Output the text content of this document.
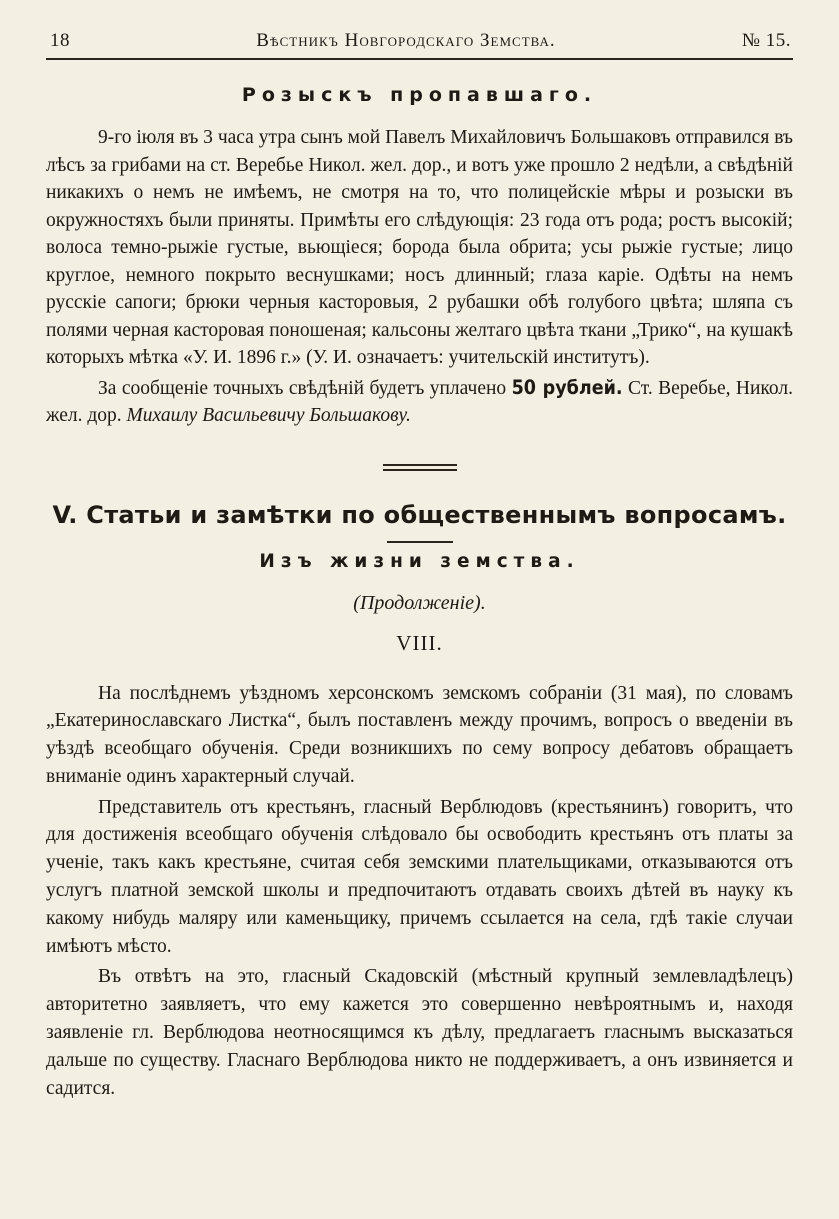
18	Вѣстникъ Новгородскаго Земства.	№ 15.
Розыскъ пропавшаго.

9-го іюля въ 3 часа утра сынъ мой Павелъ Михайловичъ Большаковъ отправился въ лѣсъ за грибами на ст. Веребье Никол. жел. дор., и вотъ уже прошло 2 недѣли, а свѣдѣній никакихъ о немъ не имѣемъ, не смотря на то, что полицейскіе мѣры и розыски въ окружностяхъ были приняты. Примѣты его слѣдующія: 23 года отъ рода; ростъ высокій; волоса темно-рыжіе густые, вьющіеся; борода была обрита; усы рыжіе густые; лицо круглое, немного покрыто веснушками; носъ длинный; глаза каріе. Одѣты на немъ русскіе сапоги; брюки черныя касторовыя, 2 рубашки обѣ голубого цвѣта; шляпа съ полями черная касторовая поношеная; кальсоны желтаго цвѣта ткани „Трико“, на кушакѣ которыхъ мѣтка «У. И. 1896 г.» (У. И. означаетъ: учительскій институтъ).

За сообщеніе точныхъ свѣдѣній будетъ уплачено 50 рублей. Ст. Веребье, Никол. жел. дор. Михаилу Васильевичу Большакову.

V. Статьи и замѣтки по общественнымъ вопросамъ.
Изъ жизни земства.
(Продолженіе).
VIII.

На послѣднемъ уѣздномъ херсонскомъ земскомъ собраніи (31 мая), по словамъ „Екатеринославскаго Листка“, былъ поставленъ между прочимъ, вопросъ о введеніи въ уѣздѣ всеобщаго обученія. Среди возникшихъ по сему вопросу дебатовъ обращаетъ вниманіе одинъ характерный случай.

Представитель отъ крестьянъ, гласный Верблюдовъ (крестьянинъ) говоритъ, что для достиженія всеобщаго обученія слѣдовало бы освободить крестьянъ отъ платы за ученіе, такъ какъ крестьяне, считая себя земскими плательщиками, отказываются отъ услугъ платной земской школы и предпочитаютъ отдавать своихъ дѣтей въ науку къ какому нибудь маляру или каменьщику, причемъ ссылается на села, гдѣ такіе случаи имѣютъ мѣсто.

Въ отвѣтъ на это, гласный Скадовскій (мѣстный крупный землевладѣлецъ) авторитетно заявляетъ, что ему кажется это совершенно невѣроятнымъ и, находя заявленіе гл. Верблюдова неотносящимся къ дѣлу, предлагаетъ гласнымъ высказаться дальше по существу. Гласнаго Верблюдова никто не поддерживаетъ, а онъ извиняется и садится.
